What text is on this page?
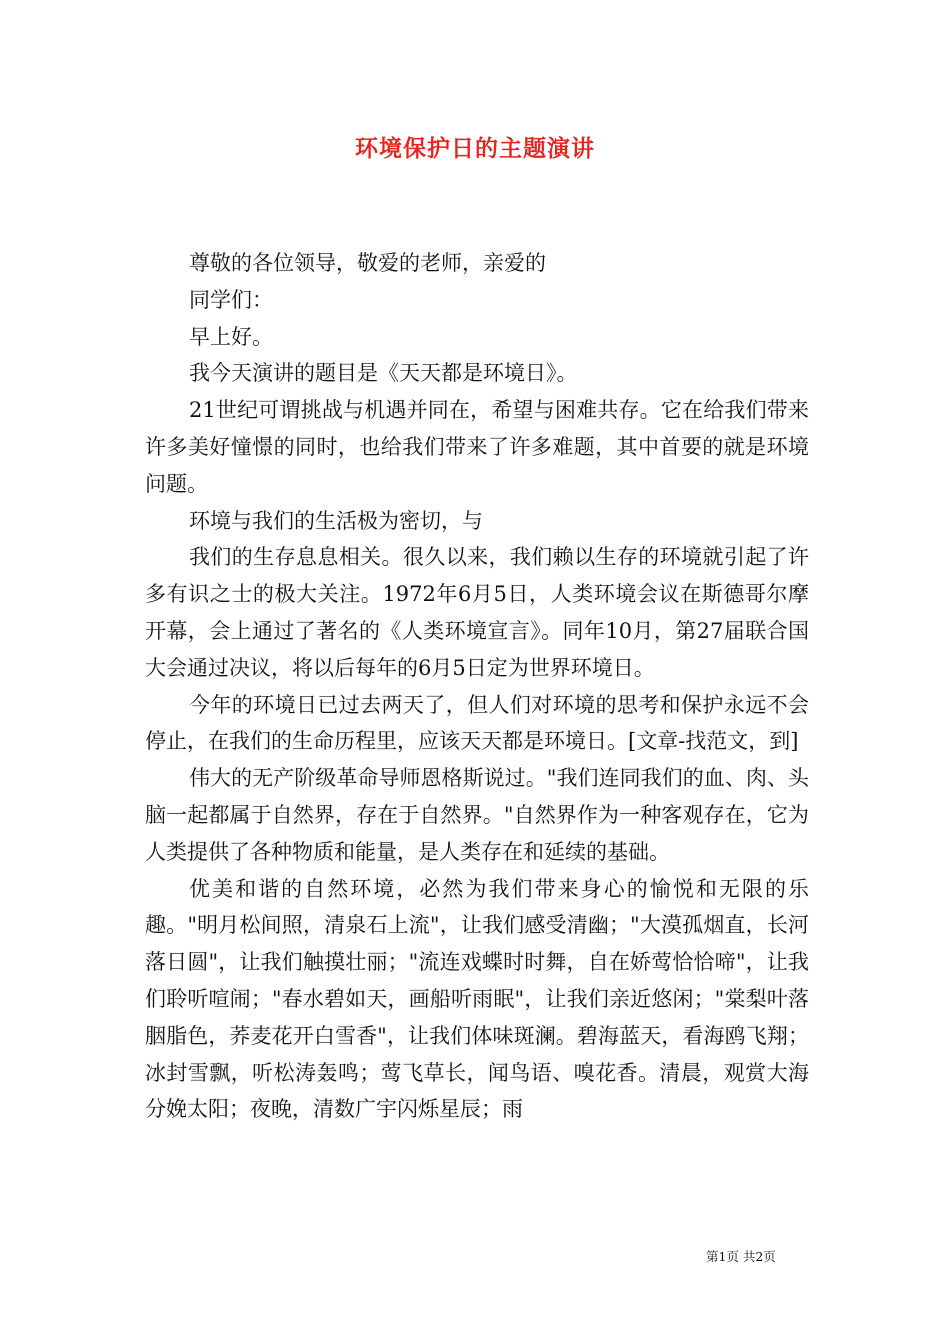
环境保护日的主题演讲

尊敬的各位领导，敬爱的老师，亲爱的

同学们：

早上好。

我今天演讲的题目是《天天都是环境日》。

21世纪可谓挑战与机遇并同在，希望与困难共存。它在给我们带来许多美好憧憬的同时，也给我们带来了许多难题，其中首要的就是环境问题。

环境与我们的生活极为密切，与

我们的生存息息相关。很久以来，我们赖以生存的环境就引起了许多有识之士的极大关注。1972年6月5日，人类环境会议在斯德哥尔摩开幕，会上通过了著名的《人类环境宣言》。同年10月，第27届联合国大会通过决议，将以后每年的6月5日定为世界环境日。

今年的环境日已过去两天了，但人们对环境的思考和保护永远不会停止，在我们的生命历程里，应该天天都是环境日。[文章-找范文，到]

伟大的无产阶级革命导师恩格斯说过。"我们连同我们的血、肉、头脑一起都属于自然界，存在于自然界。"自然界作为一种客观存在，它为人类提供了各种物质和能量，是人类存在和延续的基础。

优美和谐的自然环境，必然为我们带来身心的愉悦和无限的乐趣。"明月松间照，清泉石上流"，让我们感受清幽；"大漠孤烟直，长河落日圆"，让我们触摸壮丽；"流连戏蝶时时舞，自在娇莺恰恰啼"，让我们聆听喧闹；"春水碧如天，画船听雨眠"，让我们亲近悠闲；"棠梨叶落胭脂色，荞麦花开白雪香"，让我们体味斑澜。碧海蓝天，看海鸥飞翔；冰封雪飘，听松涛轰鸣；莺飞草长，闻鸟语、嗅花香。清晨，观赏大海分娩太阳；夜晚，清数广宇闪烁星辰；雨

第1页 共2页
